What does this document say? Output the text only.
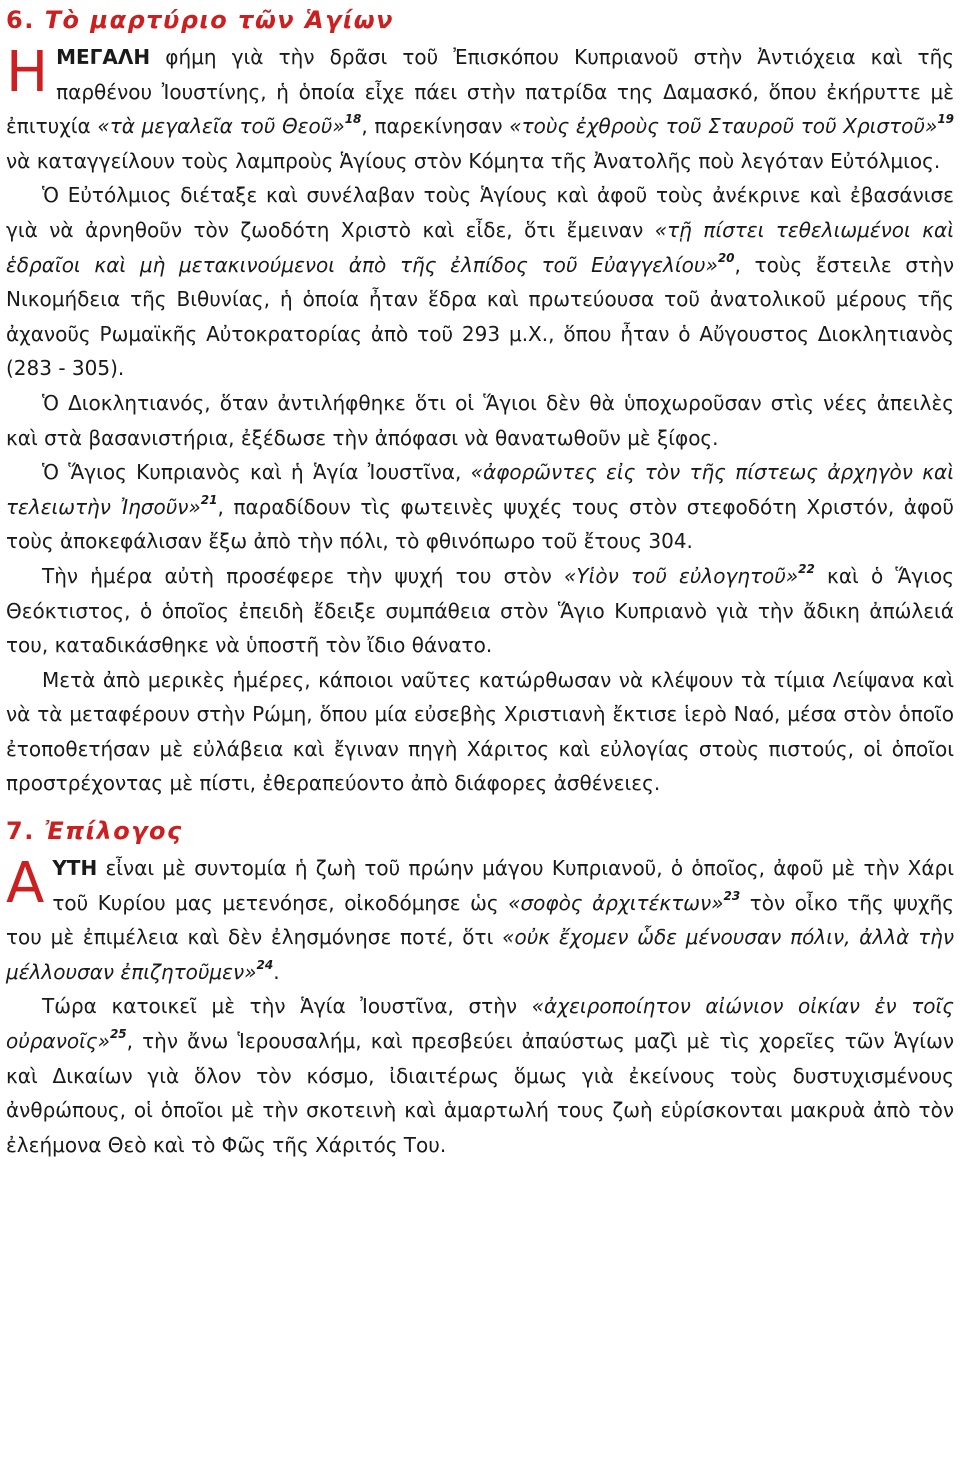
6. Τὸ μαρτύριο τῶν Ἁγίων

ΗΜΕΓΑΛΗ φήμη γιὰ τὴν δρᾶσι τοῦ Ἐπισκόπου Κυπριανοῦ στὴν Ἀντιόχεια καὶ τῆς παρθένου Ἰουστίνης, ἡ ὁποία εἶχε πάει στὴν πατρίδα της Δαμασκό, ὅπου ἐκήρυττε μὲ ἐπιτυχία «τὰ μεγαλεῖα τοῦ Θεοῦ»$^{18}$, παρεκίνησαν «τοὺς ἐχθροὺς τοῦ Σταυροῦ τοῦ Χριστοῦ»$^{19}$ νὰ καταγγείλουν τοὺς λαμπροὺς Ἁγίους στὸν Κόμητα τῆς Ἀνατολῆς ποὺ λεγόταν Εὐτόλμιος.

Ὁ Εὐτόλμιος διέταξε καὶ συνέλαβαν τοὺς Ἁγίους καὶ ἀφοῦ τοὺς ἀνέκρινε καὶ ἐβασάνισε γιὰ νὰ ἀρνηθοῦν τὸν ζωοδότη Χριστὸ καὶ εἶδε, ὅτι ἔμειναν «τῇ πίστει τεθελιωμένοι καὶ ἑδραῖοι καὶ μὴ μετακινούμενοι ἀπὸ τῆς ἐλπίδος τοῦ Εὐαγγελίου»$^{20}$, τοὺς ἔστειλε στὴν Νικομήδεια τῆς Βιθυνίας, ἡ ὁποία ἦταν ἕδρα καὶ πρωτεύουσα τοῦ ἀνατολικοῦ μέρους τῆς ἀχανοῦς Ρωμαϊκῆς Αὐτοκρατορίας ἀπὸ τοῦ 293 μ.Χ., ὅπου ἦταν ὁ Αὔγουστος Διοκλητιανὸς (283 - 305).

Ὁ Διοκλητιανός, ὅταν ἀντιλήφθηκε ὅτι οἱ Ἅγιοι δὲν θὰ ὑποχωροῦσαν στὶς νέες ἀπειλὲς καὶ στὰ βασανιστήρια, ἐξέδωσε τὴν ἀπόφασι νὰ θανατωθοῦν μὲ ξίφος.

Ὁ Ἅγιος Κυπριανὸς καὶ ἡ Ἁγία Ἰουστῖνα, «ἀφορῶντες εἰς τὸν τῆς πίστεως ἀρχηγὸν καὶ τελειωτὴν Ἰησοῦν»$^{21}$, παραδίδουν τὶς φωτεινὲς ψυχές τους στὸν στεφοδότη Χριστόν, ἀφοῦ τοὺς ἀποκεφάλισαν ἔξω ἀπὸ τὴν πόλι, τὸ φθινόπωρο τοῦ ἔτους 304.

Τὴν ἡμέρα αὐτὴ προσέφερε τὴν ψυχή του στὸν «Υἱὸν τοῦ εὐλογητοῦ»$^{22}$ καὶ ὁ Ἅγιος Θεόκτιστος, ὁ ὁποῖος ἐπειδὴ ἔδειξε συμπάθεια στὸν Ἅγιο Κυπριανὸ γιὰ τὴν ἄδικη ἀπώλειά του, καταδικάσθηκε νὰ ὑποστῆ τὸν ἴδιο θάνατο.

Μετὰ ἀπὸ μερικὲς ἡμέρες, κάποιοι ναῦτες κατώρθωσαν νὰ κλέψουν τὰ τίμια Λείψανα καὶ νὰ τὰ μεταφέρουν στὴν Ρώμη, ὅπου μία εὐσεβὴς Χριστιανὴ ἔκτισε ἱερὸ Ναό, μέσα στὸν ὁποῖο ἐτοποθετήσαν μὲ εὐλάβεια καὶ ἔγιναν πηγὴ Χάριτος καὶ εὐλογίας στοὺς πιστούς, οἱ ὁποῖοι προστρέχοντας μὲ πίστι, ἐθεραπεύοντο ἀπὸ διάφορες ἀσθένειες.

7. Ἐπίλογος

ΑΥΤΗ εἶναι μὲ συντομία ἡ ζωὴ τοῦ πρώην μάγου Κυπριανοῦ, ὁ ὁποῖος, ἀφοῦ μὲ τὴν Χάρι τοῦ Κυρίου μας μετενόησε, οἰκοδόμησε ὡς «σοφὸς ἀρχιτέκτων»$^{23}$ τὸν οἶκο τῆς ψυχῆς του μὲ ἐπιμέλεια καὶ δὲν ἐλησμόνησε ποτέ, ὅτι «οὐκ ἔχομεν ὧδε μένουσαν πόλιν, ἀλλὰ τὴν μέλλουσαν ἐπιζητοῦμεν»$^{24}$.

Τώρα κατοικεῖ μὲ τὴν Ἁγία Ἰουστῖνα, στὴν «ἀχειροποίητον αἰώνιον οἰκίαν ἐν τοῖς οὐρανοῖς»$^{25}$, τὴν ἄνω Ἱερουσαλήμ, καὶ πρεσβεύει ἀπαύστως μαζὶ μὲ τὶς χορεῖες τῶν Ἁγίων καὶ Δικαίων γιὰ ὅλον τὸν κόσμο, ἰδιαιτέρως ὅμως γιὰ ἐκείνους τοὺς δυστυχισμένους ἀνθρώπους, οἱ ὁποῖοι μὲ τὴν σκοτεινὴ καὶ ἁμαρτωλή τους ζωὴ εὑρίσκονται μακρυὰ ἀπὸ τὸν ἐλεήμονα Θεὸ καὶ τὸ Φῶς τῆς Χάριτός Του.
